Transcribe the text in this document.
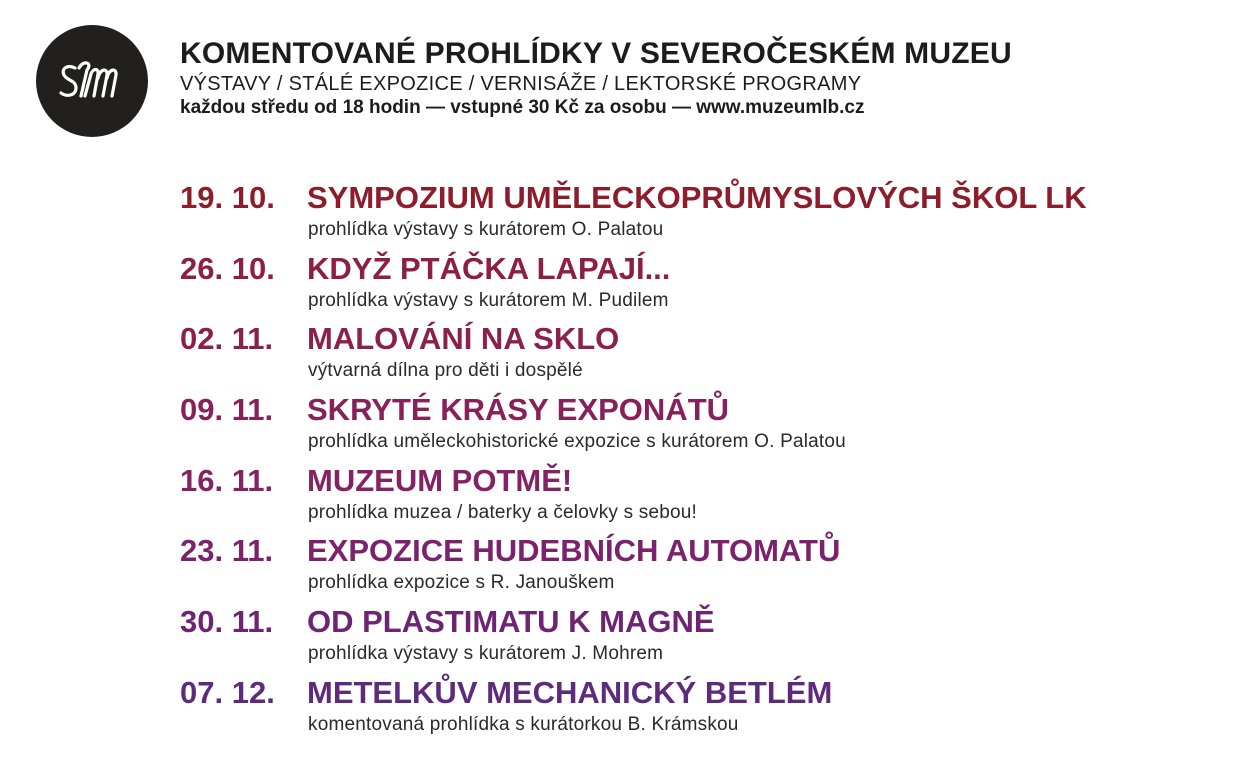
KOMENTOVANÉ PROHLÍDKY V SEVEROČESKÉM MUZEU
VÝSTAVY / STÁLÉ EXPOZICE / VERNISÁŽE / LEKTORSKÉ PROGRAMY
každou středu od 18 hodin — vstupné 30 Kč za osobu — www.muzeumlb.cz
19. 10. SYMPOZIUM UMĚLECKOPRŮMYSLOVÝCH ŠKOL LK
prohlídka výstavy s kurátorem O. Palatou
26. 10. KDYŽ PTÁČKA LAPAJÍ...
prohlídka výstavy s kurátorem M. Pudilem
02. 11. MALOVÁNÍ NA SKLO
výtvarná dílna pro děti i dospělé
09. 11. SKRYTÉ KRÁSY EXPONÁTŮ
prohlídka uměleckohistorické expozice s kurátorem O. Palatou
16. 11. MUZEUM POTMĚ!
prohlídka muzea / baterky a čelovky s sebou!
23. 11. EXPOZICE HUDEBNÍCH AUTOMATŮ
prohlídka expozice s R. Janouškem
30. 11. OD PLASTIMATU K MAGNĚ
prohlídka výstavy s kurátorem J. Mohrem
07. 12. METELKŮV MECHANICKÝ BETLÉM
komentovaná prohlídka s kurátorkou B. Krámskou
